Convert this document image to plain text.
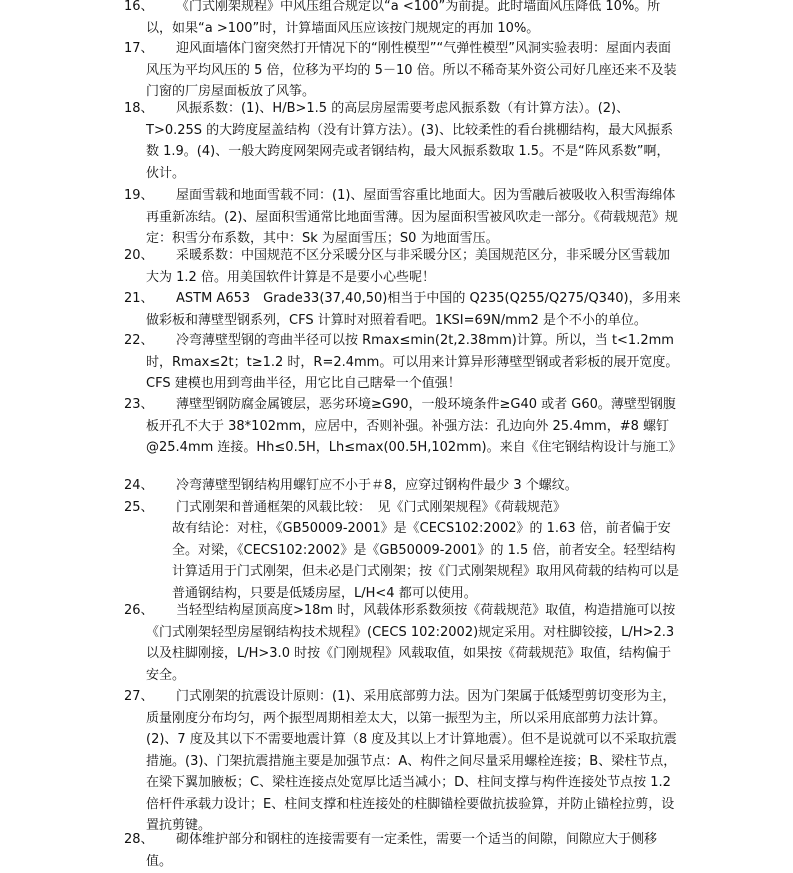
16、	《门式刚架规程》中风压组合规定以“a <100”为前提。此时墙面风压降低 10%。所以，如果“a >100”时，计算墙面风压应该按门规规定的再加 10%。
17、	迎风面墙体门窗突然打开情况下的“刚性模型”“气弹性模型”风洞实验表明：屋面内表面风压为平均风压的 5 倍，位移为平均的 5－10 倍。所以不稀奇某外资公司好几座还来不及装门窗的厂房屋面板放了风筝。
18、	风振系数：(1)、H/B>1.5 的高层房屋需要考虑风振系数（有计算方法）。(2)、T>0.25S 的大跨度屋盖结构（没有计算方法）。(3)、比较柔性的看台挑棚结构，最大风振系数 1.9。(4)、一般大跨度网架网壳或者钢结构，最大风振系数取 1.5。不是“阵风系数”啊，伙计。
19、	屋面雪载和地面雪载不同：(1)、屋面雪容重比地面大。因为雪融后被吸收入积雪海绵体再重新冻结。(2)、屋面积雪通常比地面雪薄。因为屋面积雪被风吹走一部分。《荷载规范》规定：积雪分布系数，其中：Sk 为屋面雪压；S0 为地面雪压。
20、	采暖系数：中国规范不区分采暖分区与非采暖分区；美国规范区分，非采暖分区雪载加大为 1.2 倍。用美国软件计算是不是要小心些呢！
21、	ASTM A653　Grade33(37,40,50)相当于中国的 Q235(Q255/Q275/Q340)，多用来做彩板和薄壁型钢系列，CFS 计算时对照着看吧。1KSI=69N/mm2 是个不小的单位。
22、	冷弯薄壁型钢的弯曲半径可以按 Rmax≤min(2t,2.38mm)计算。所以，当 t<1.2mm 时，Rmax≤2t；t≥1.2 时，R=2.4mm。可以用来计算异形薄壁型钢或者彩板的展开宽度。CFS 建模也用到弯曲半径，用它比自己瞎晕一个值强！
23、	薄壁型钢防腐金属镀层，恶劣环境≥G90，一般环境条件≥G40 或者 G60。薄壁型钢腹板开孔不大于 38*102mm，应居中，否则补强。补强方法：孔边向外 25.4mm，#8 螺钉@25.4mm 连接。Hh≤0.5H，Lh≤max(00.5H,102mm)。来自《住宅钢结构设计与施工》
24、	冷弯薄壁型钢结构用螺钉应不小于＃8，应穿过钢构件最少 3 个螺纹。
25、	门式刚架和普通框架的风载比较：　见《门式刚架规程》《荷载规范》
故有结论：对柱，《GB50009-2001》是《CECS102:2002》的 1.63 倍，前者偏于安全。对梁，《CECS102:2002》是《GB50009-2001》的 1.5 倍，前者安全。轻型结构计算适用于门式刚架，但未必是门式刚架；按《门式刚架规程》取用风荷载的结构可以是普通钢结构，只要是低矮房屋，L/H<4 都可以使用。
26、	当轻型结构屋顶高度>18m 时，风载体形系数须按《荷载规范》取值，构造措施可以按《门式刚架轻型房屋钢结构技术规程》(CECS 102:2002)规定采用。对柱脚铰接，L/H>2.3 以及柱脚刚接，L/H>3.0 时按《门刚规程》风载取值，如果按《荷载规范》取值，结构偏于安全。
27、	门式刚架的抗震设计原则：(1)、采用底部剪力法。因为门架属于低矮型剪切变形为主，质量刚度分布均匀，两个振型周期相差太大，以第一振型为主，所以采用底部剪力法计算。(2)、7 度及其以下不需要地震计算（8 度及其以上才计算地震）。但不是说就可以不采取抗震措施。(3)、门架抗震措施主要是加强节点：A、构件之间尽量采用螺栓连接；B、梁柱节点，在梁下翼加腋板；C、梁柱连接点处宽厚比适当减小；D、柱间支撑与构件连接处节点按 1.2 倍杆件承载力设计；E、柱间支撑和柱连接处的柱脚锚栓要做抗拔验算，并防止锚栓拉剪，设置抗剪键。
28、	砌体维护部分和钢柱的连接需要有一定柔性，需要一个适当的间隙，间隙应大于侧移值。
